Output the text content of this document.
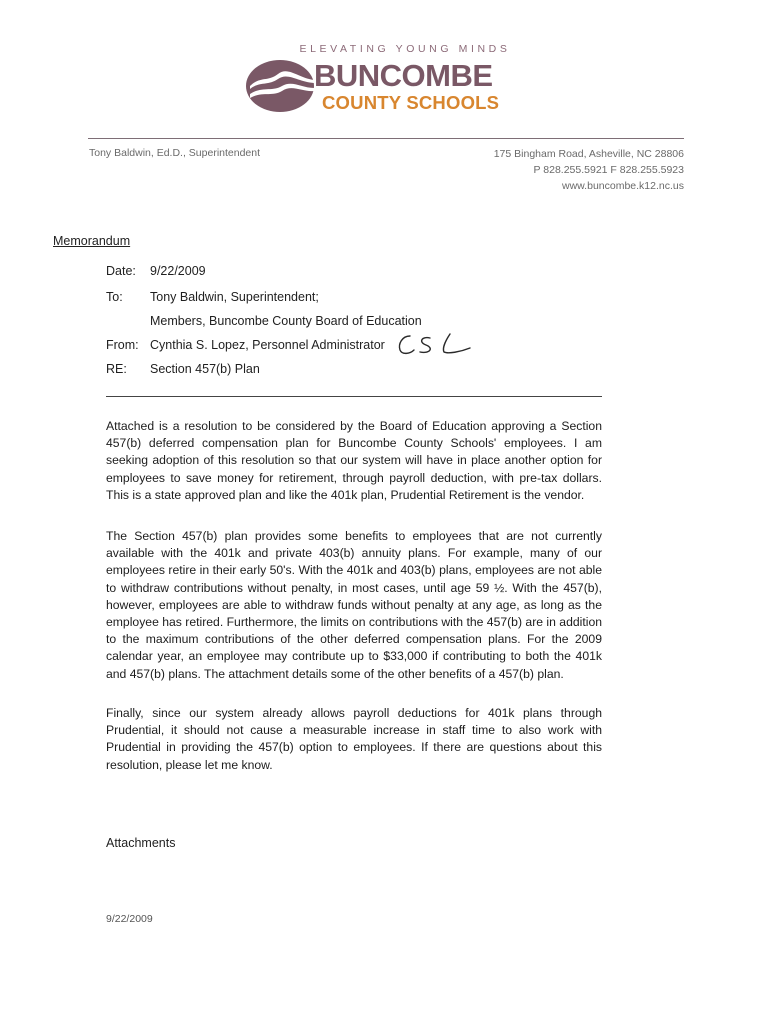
ELEVATING YOUNG MINDS
BUNCOMBE
COUNTY SCHOOLS
Tony Baldwin, Ed.D., Superintendent	175 Bingham Road, Asheville, NC 28806
P 828.255.5921 F 828.255.5923
www.buncombe.k12.nc.us
Memorandum
Date: 9/22/2009
To: Tony Baldwin, Superintendent;
Members, Buncombe County Board of Education
From: Cynthia S. Lopez, Personnel Administrator
RE: Section 457(b) Plan

Attached is a resolution to be considered by the Board of Education approving a Section 457(b) deferred compensation plan for Buncombe County Schools' employees. I am seeking adoption of this resolution so that our system will have in place another option for employees to save money for retirement, through payroll deduction, with pre-tax dollars. This is a state approved plan and like the 401k plan, Prudential Retirement is the vendor.

The Section 457(b) plan provides some benefits to employees that are not currently available with the 401k and private 403(b) annuity plans. For example, many of our employees retire in their early 50's. With the 401k and 403(b) plans, employees are not able to withdraw contributions without penalty, in most cases, until age 59 ½. With the 457(b), however, employees are able to withdraw funds without penalty at any age, as long as the employee has retired. Furthermore, the limits on contributions with the 457(b) are in addition to the maximum contributions of the other deferred compensation plans. For the 2009 calendar year, an employee may contribute up to $33,000 if contributing to both the 401k and 457(b) plans. The attachment details some of the other benefits of a 457(b) plan.

Finally, since our system already allows payroll deductions for 401k plans through Prudential, it should not cause a measurable increase in staff time to also work with Prudential in providing the 457(b) option to employees. If there are questions about this resolution, please let me know.

Attachments
9/22/2009
